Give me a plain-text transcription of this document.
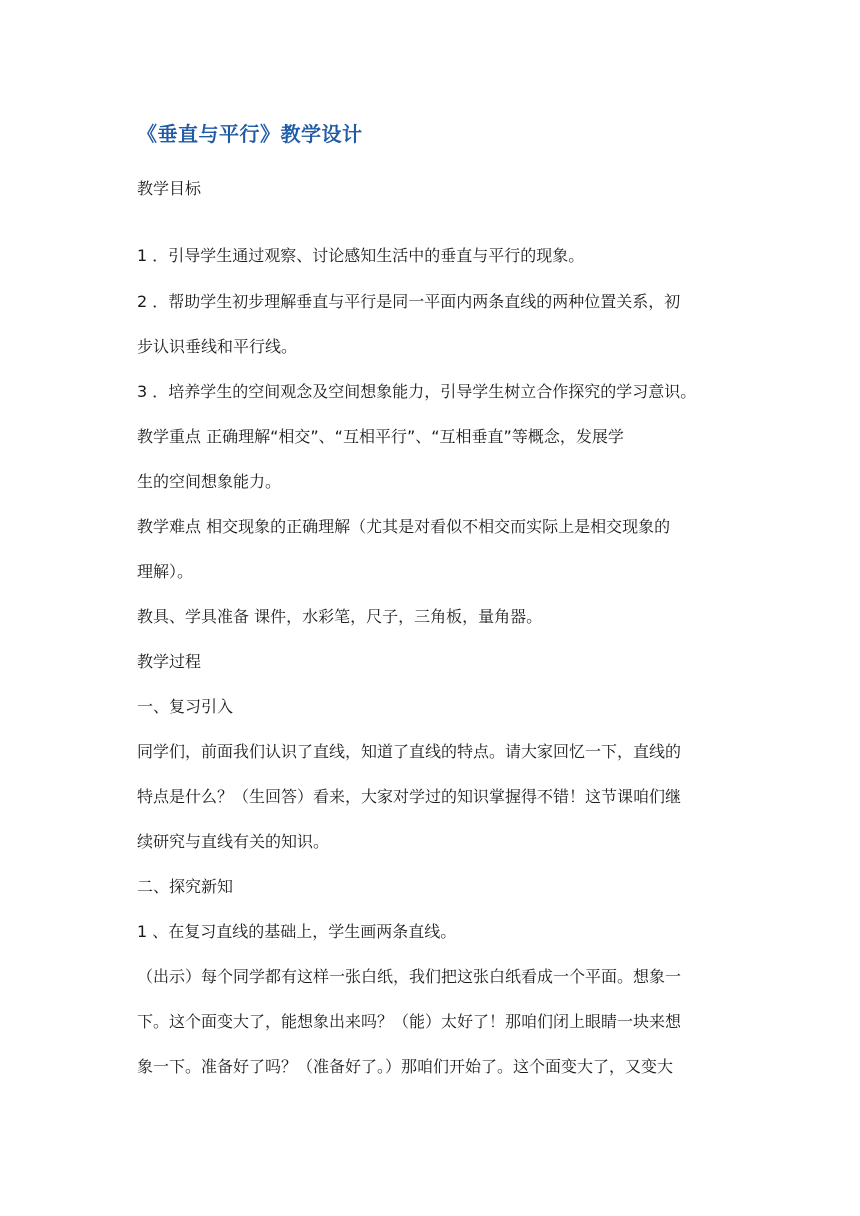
《垂直与平行》教学设计
教学目标
1 ．引导学生通过观察、讨论感知生活中的垂直与平行的现象。
2 ．帮助学生初步理解垂直与平行是同一平面内两条直线的两种位置关系，初
步认识垂线和平行线。
3 ．培养学生的空间观念及空间想象能力，引导学生树立合作探究的学习意识。
教学重点 正确理解“相交”、“互相平行”、“互相垂直”等概念，发展学
生的空间想象能力。
教学难点 相交现象的正确理解（尤其是对看似不相交而实际上是相交现象的
理解）。
教具、学具准备 课件，水彩笔，尺子，三角板，量角器。
教学过程
一、复习引入
同学们，前面我们认识了直线，知道了直线的特点。请大家回忆一下，直线的
特点是什么？（生回答）看来，大家对学过的知识掌握得不错！这节课咱们继
续研究与直线有关的知识。
二、探究新知
1 、在复习直线的基础上，学生画两条直线。
（出示）每个同学都有这样一张白纸，我们把这张白纸看成一个平面。想象一
下。这个面变大了，能想象出来吗？（能）太好了！那咱们闭上眼睛一块来想
象一下。准备好了吗？（准备好了。）那咱们开始了。这个面变大了，又变大
